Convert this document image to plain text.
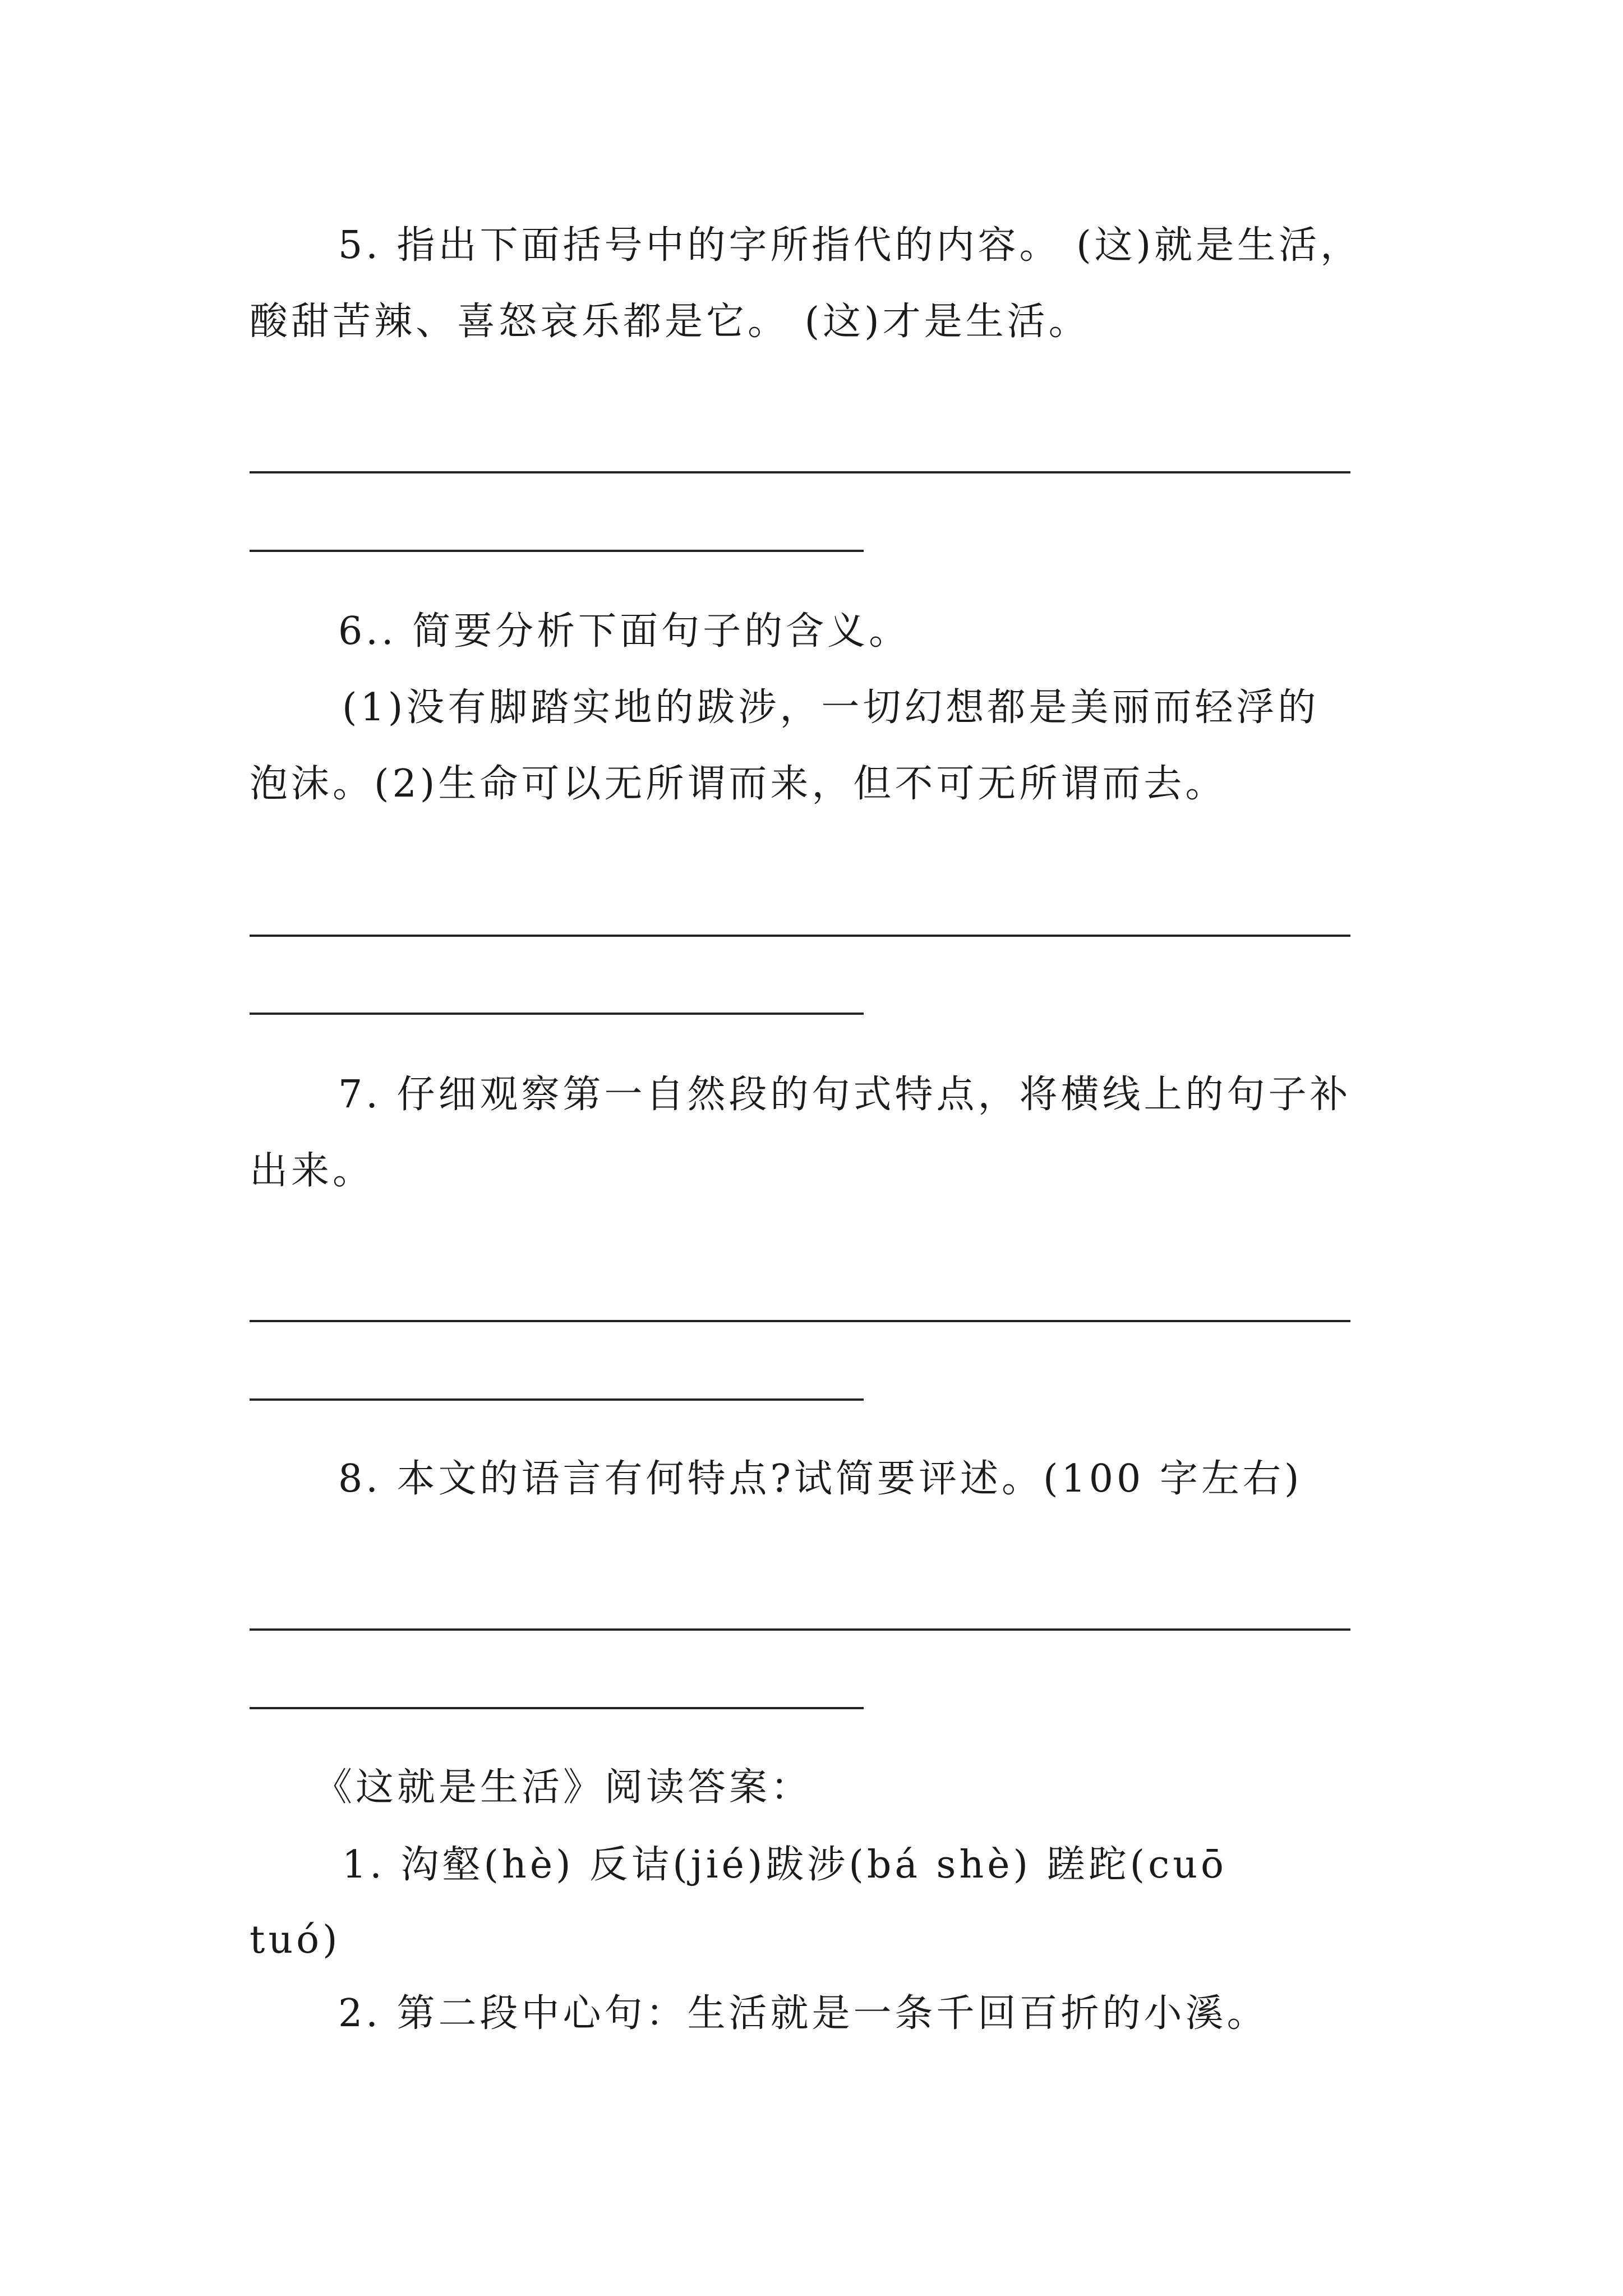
5. 指出下面括号中的字所指代的内容。 (这)就是生活，
酸甜苦辣、喜怒哀乐都是它。 (这)才是生活。
6.. 简要分析下面句子的含义。
(1)没有脚踏实地的跋涉，一切幻想都是美丽而轻浮的
泡沫。(2)生命可以无所谓而来，但不可无所谓而去。
7. 仔细观察第一自然段的句式特点，将横线上的句子补
出来。
8. 本文的语言有何特点?试简要评述。(100 字左右)
《这就是生活》阅读答案：
1. 沟壑(hè) 反诘(jié)跋涉(bá shè) 蹉跎(cuō
tuó)
2. 第二段中心句：生活就是一条千回百折的小溪。
